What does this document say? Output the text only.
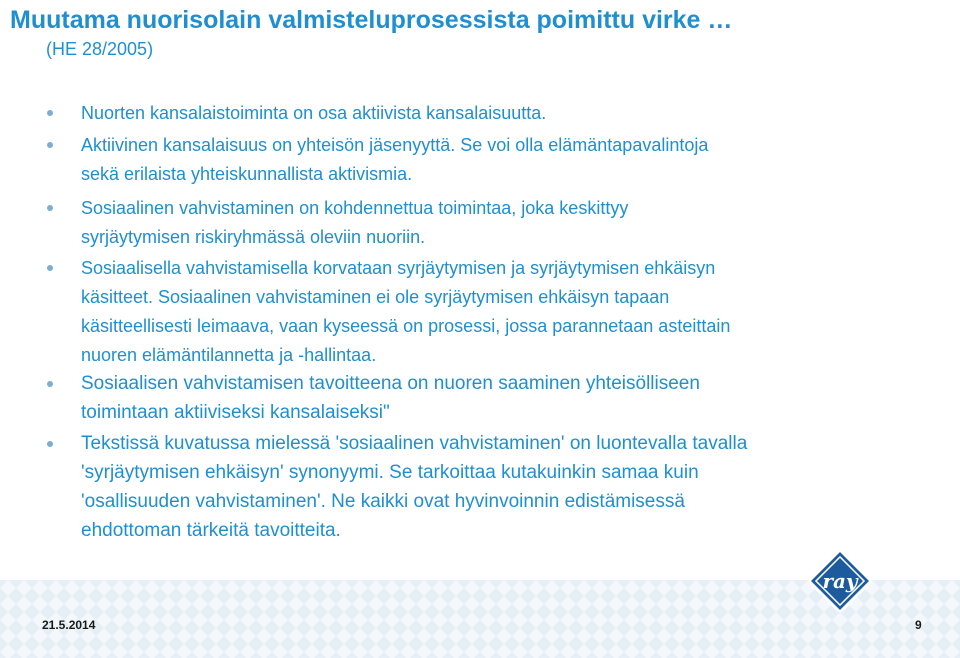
Muutama nuorisolain valmisteluprosessista poimittu virke …
(HE 28/2005)
Nuorten kansalaistoiminta on osa aktiivista kansalaisuutta.
Aktiivinen kansalaisuus on yhteisön jäsenyyttä. Se voi olla elämäntapavalintoja
sekä erilaista yhteiskunnallista aktivismia.
Sosiaalinen vahvistaminen on kohdennettua toimintaa, joka keskittyy
syrjäytymisen riskiryhmässä oleviin nuoriin.
Sosiaalisella vahvistamisella korvataan syrjäytymisen ja syrjäytymisen ehkäisyn
käsitteet. Sosiaalinen vahvistaminen ei ole syrjäytymisen ehkäisyn tapaan
käsitteellisesti leimaava, vaan kyseessä on prosessi, jossa parannetaan asteittain
nuoren elämäntilannetta ja -hallintaa.
Sosiaalisen vahvistamisen tavoitteena on nuoren saaminen yhteisölliseen
toimintaan aktiiviseksi kansalaiseksi"
Tekstissä kuvatussa mielessä 'sosiaalinen vahvistaminen' on luontevalla tavalla
'syrjäytymisen ehkäisyn' synonyymi. Se tarkoittaa kutakuinkin samaa kuin
'osallisuuden vahvistaminen'. Ne kaikki ovat hyvinvoinnin edistämisessä
ehdottoman tärkeitä tavoitteita.
21.5.2014	9
ray
